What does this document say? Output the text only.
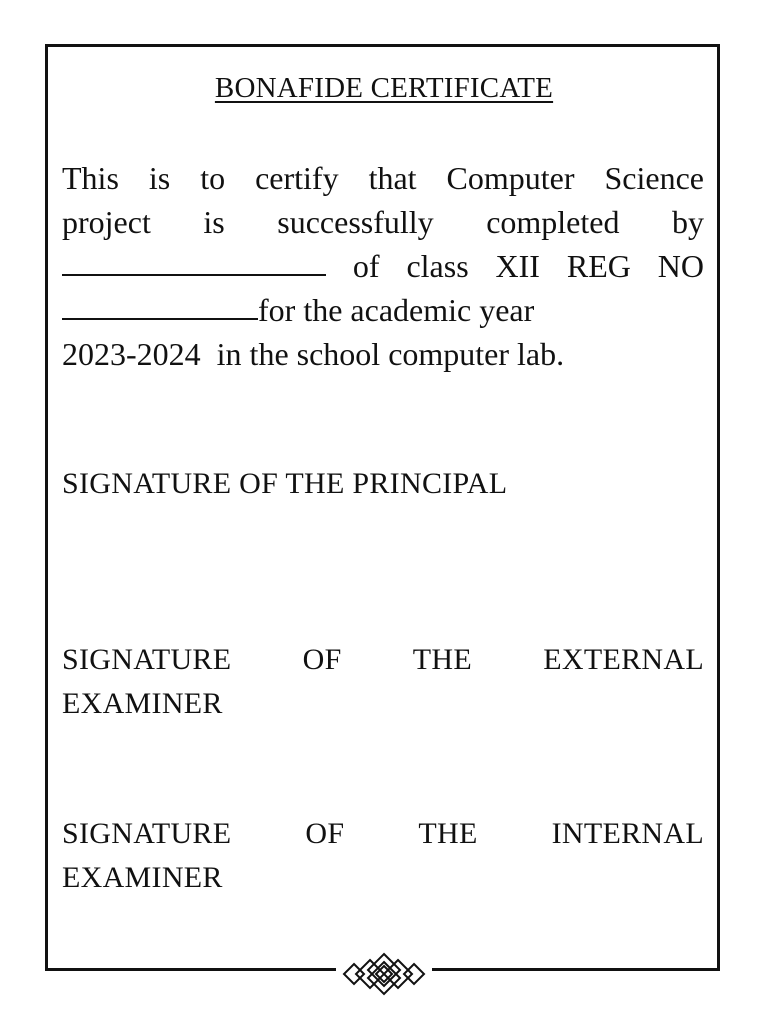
BONAFIDE CERTIFICATE
This is to certify that Computer Science
project is successfully completed by
of class XII REG NO
for the academic year
2023-2024  in the school computer lab.
SIGNATURE OF THE PRINCIPAL
SIGNATURE OF THE EXTERNAL
EXAMINER
SIGNATURE OF THE INTERNAL
EXAMINER
